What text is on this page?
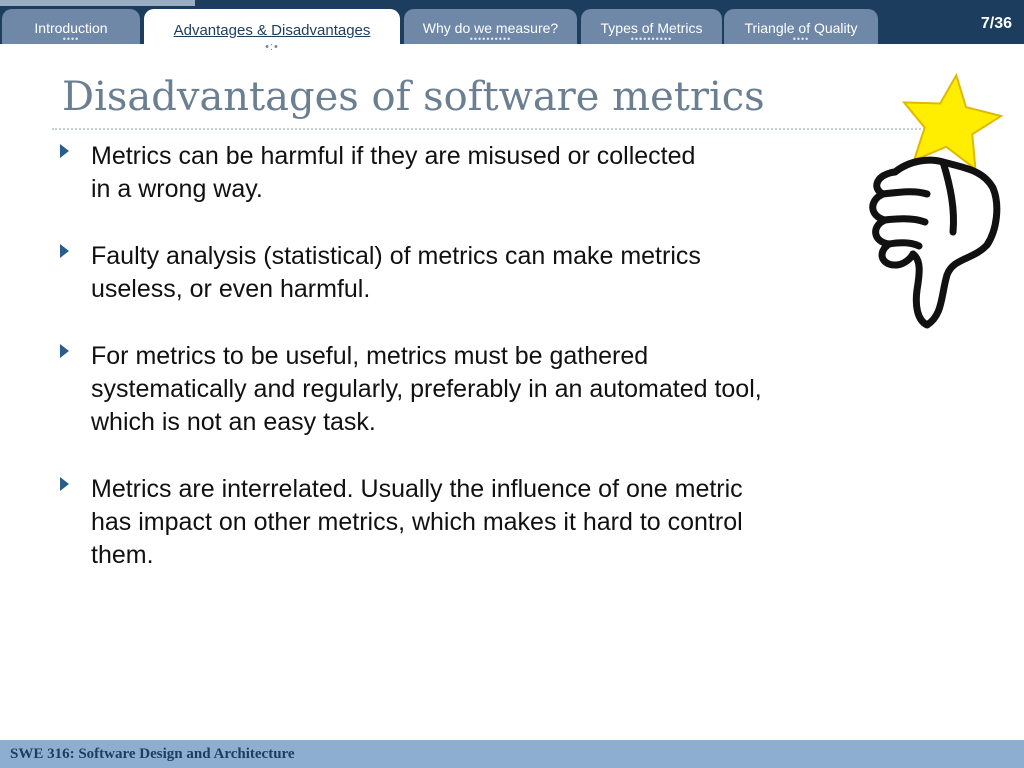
Introduction
••••	Advantages & Disadvantages
•:•
Why do we measure?
••••••••••
Types of Metrics
••••••••••
Triangle of Quality
••••
7/36
Disadvantages of software metrics
Metrics can be harmful if they are misused or collected
in a wrong way.
Faulty analysis (statistical) of metrics can make metrics
useless, or even harmful.
For metrics to be useful, metrics must be gathered
systematically and regularly, preferably in an automated tool,
which is not an easy task.
Metrics are interrelated. Usually the influence of one metric
has impact on other metrics, which makes it hard to control
them.
SWE 316: Software Design and Architecture
